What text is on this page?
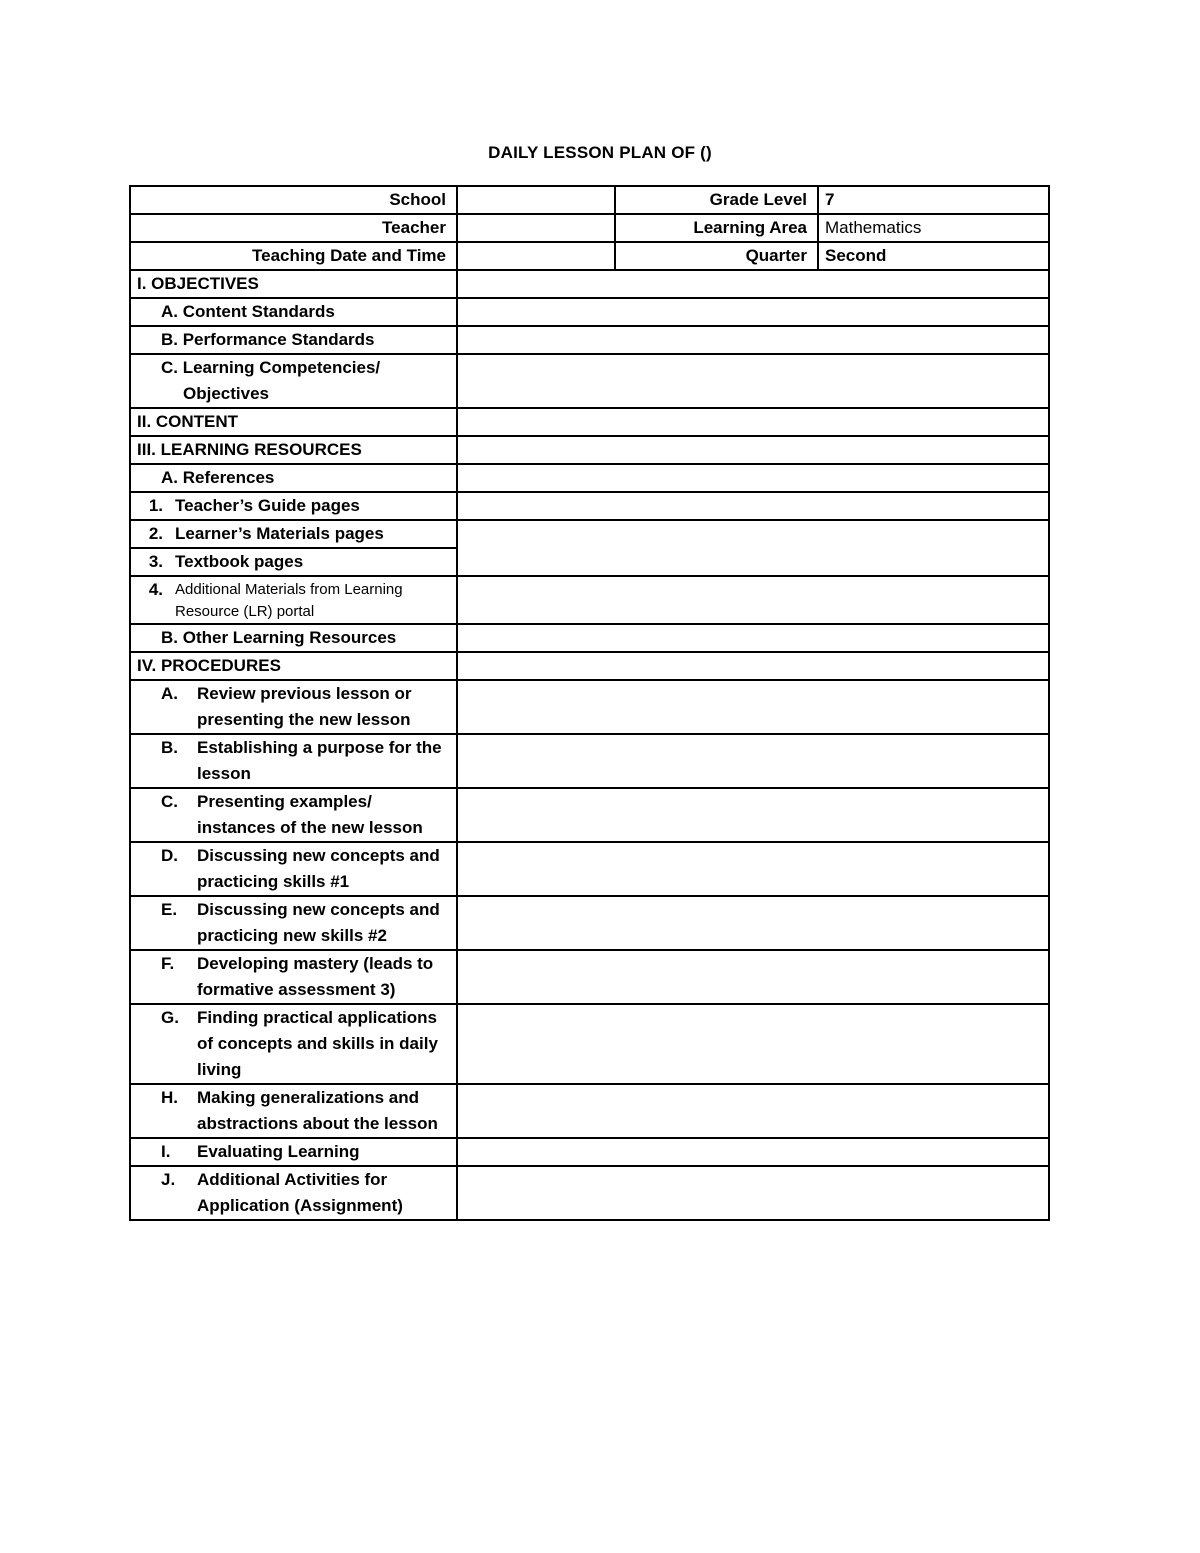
DAILY LESSON PLAN OF ()
School		Grade Level	7
Teacher		Learning Area	Mathematics
Teaching Date and Time		Quarter	Second
I. OBJECTIVES			
A. Content Standards			
B. Performance Standards			

C. Learning Competencies/
Objectives			

II. CONTENT			
III. LEARNING RESOURCES			
A. References			

1. Teacher’s Guide pages			

2. Learner’s Materials pages			

3. Textbook pages			

4. Additional Materials from Learning Resource (LR) portal			

B. Other Learning Resources			
IV. PROCEDURES			

A. Review previous lesson or presenting the new lesson			

B. Establishing a purpose for the lesson			

C. Presenting examples/ instances of the new lesson			

D. Discussing new concepts and practicing skills #1			

E. Discussing new concepts and practicing new skills #2			

F. Developing mastery (leads to formative assessment 3)			

G. Finding practical applications of concepts and skills in daily living			

H. Making generalizations and abstractions about the lesson			

I. Evaluating Learning			

J. Additional Activities for Application (Assignment)			
